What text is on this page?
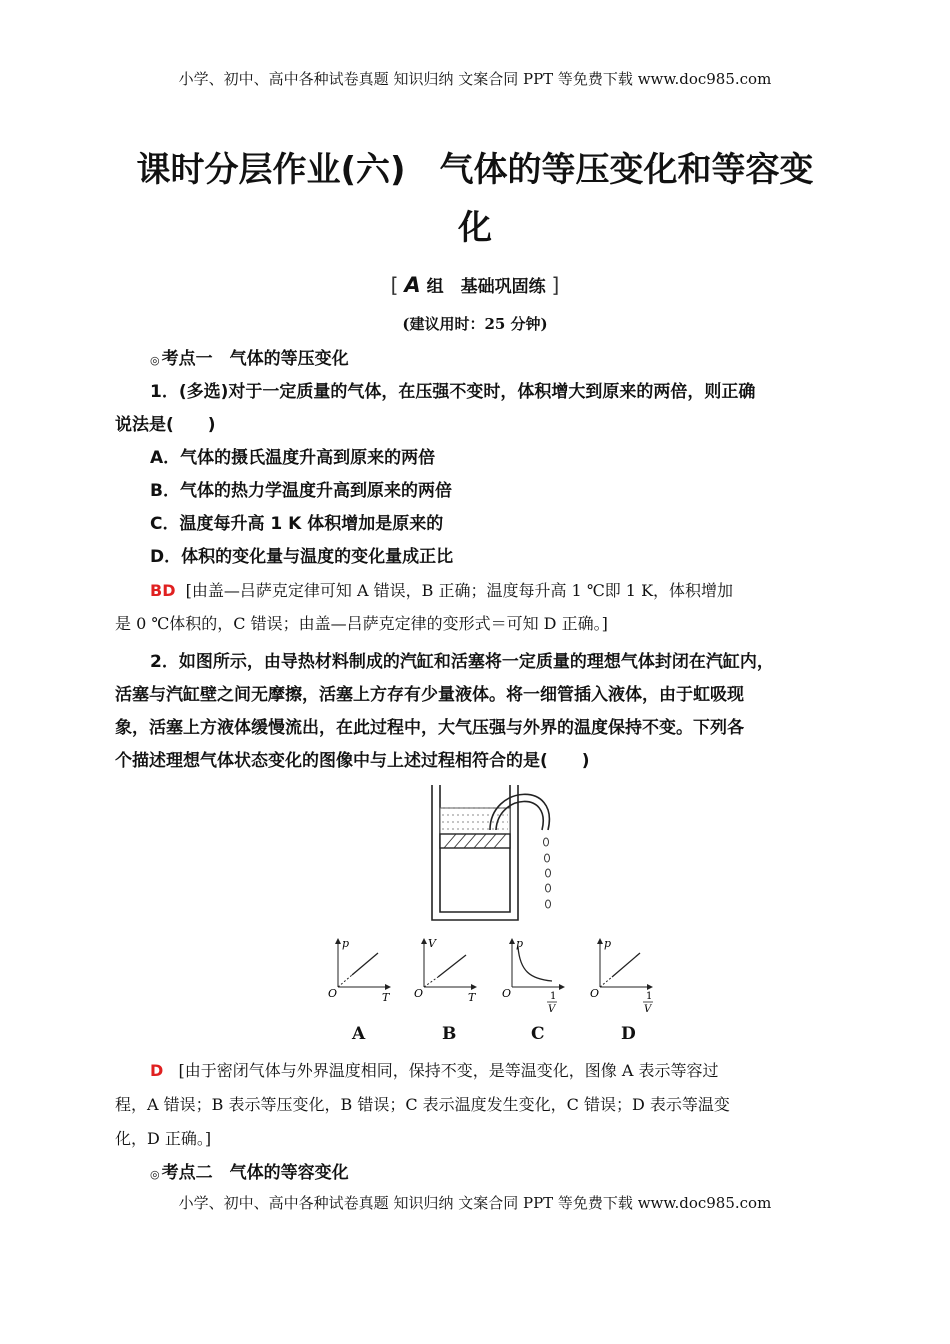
小学、初中、高中各种试卷真题 知识归纳 文案合同 PPT 等免费下载 www.doc985.com
课时分层作业(六)　气体的等压变化和等容变
化
[ A 组　基础巩固练 ]
(建议用时：25 分钟)
◎ 考点一　气体的等压变化
1．(多选)对于一定质量的气体，在压强不变时，体积增大到原来的两倍，则正确
说法是(　　)
A．气体的摄氏温度升高到原来的两倍
B．气体的热力学温度升高到原来的两倍
C．温度每升高 1 K 体积增加是原来的
D．体积的变化量与温度的变化量成正比
BD [由盖—吕萨克定律可知 A 错误，B 正确；温度每升高 1 ℃即 1 K，体积增加
是 0 ℃体积的，C 错误；由盖—吕萨克定律的变形式＝可知 D 正确。]
2．如图所示，由导热材料制成的汽缸和活塞将一定质量的理想气体封闭在汽缸内，
活塞与汽缸壁之间无摩擦，活塞上方存有少量液体。将一细管插入液体，由于虹吸现
象，活塞上方液体缓慢流出，在此过程中，大气压强与外界的温度保持不变。下列各
个描述理想气体状态变化的图像中与上述过程相符合的是(　　)
p
O	T
V
O	T
p
O	1
V
p
O	1
V
A	B	C	D
D [由于密闭气体与外界温度相同，保持不变，是等温变化，图像 A 表示等容过
程，A 错误；B 表示等压变化，B 错误；C 表示温度发生变化，C 错误；D 表示等温变
化，D 正确。]
◎ 考点二　气体的等容变化
小学、初中、高中各种试卷真题 知识归纳 文案合同 PPT 等免费下载 www.doc985.com
